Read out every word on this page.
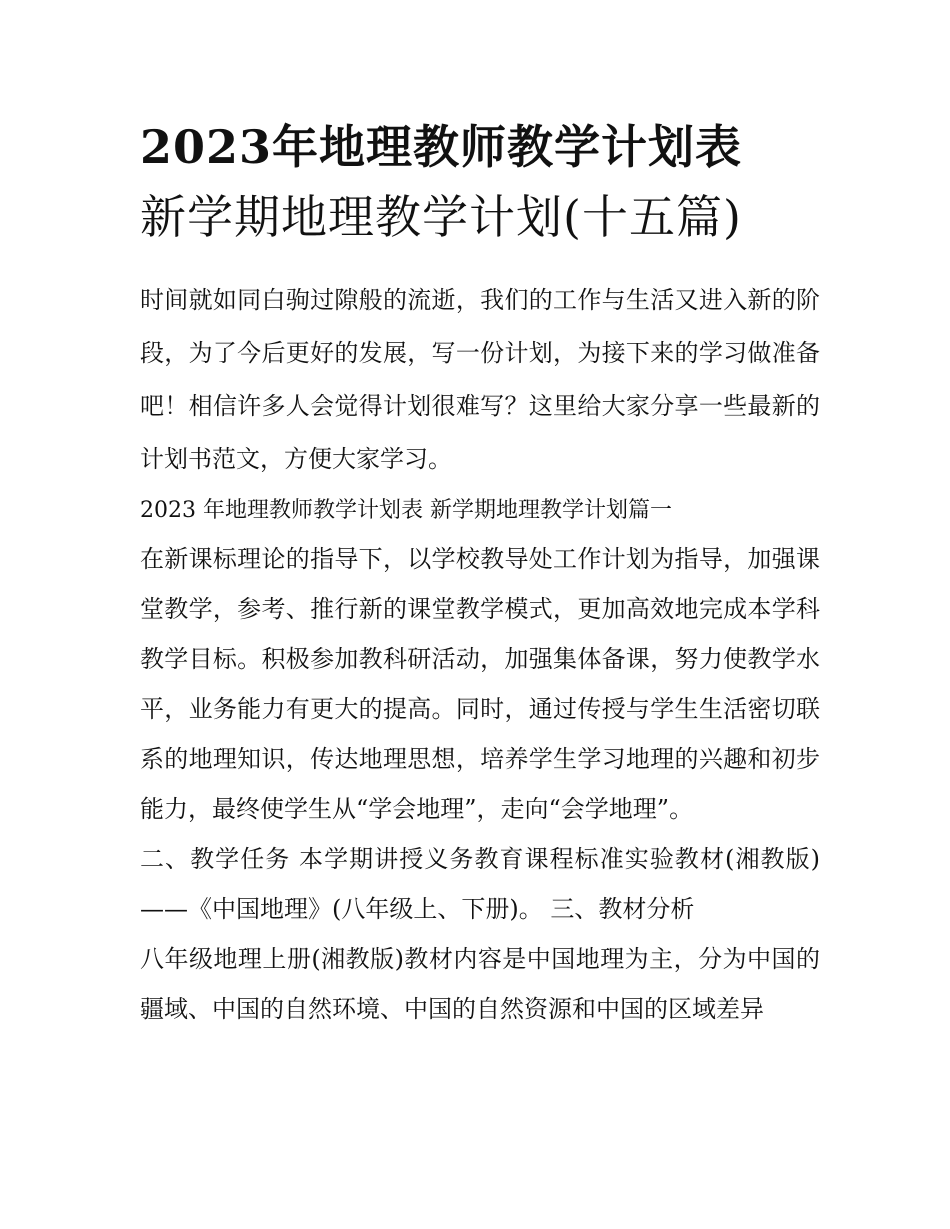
2023年地理教师教学计划表
新学期地理教学计划(十五篇)

时间就如同白驹过隙般的流逝，我们的工作与生活又进入新的阶段，为了今后更好的发展，写一份计划，为接下来的学习做准备吧！相信许多人会觉得计划很难写？这里给大家分享一些最新的计划书范文，方便大家学习。

2023 年地理教师教学计划表 新学期地理教学计划篇一

在新课标理论的指导下，以学校教导处工作计划为指导，加强课堂教学，参考、推行新的课堂教学模式，更加高效地完成本学科教学目标。积极参加教科研活动，加强集体备课，努力使教学水平，业务能力有更大的提高。同时，通过传授与学生生活密切联系的地理知识，传达地理思想，培养学生学习地理的兴趣和初步能力，最终使学生从“学会地理”，走向“会学地理”。

二、教学任务 本学期讲授义务教育课程标准实验教材(湘教版)——《中国地理》(八年级上、下册)。 三、教材分析

八年级地理上册(湘教版)教材内容是中国地理为主，分为中国的疆域、中国的自然环境、中国的自然资源和中国的区域差异
